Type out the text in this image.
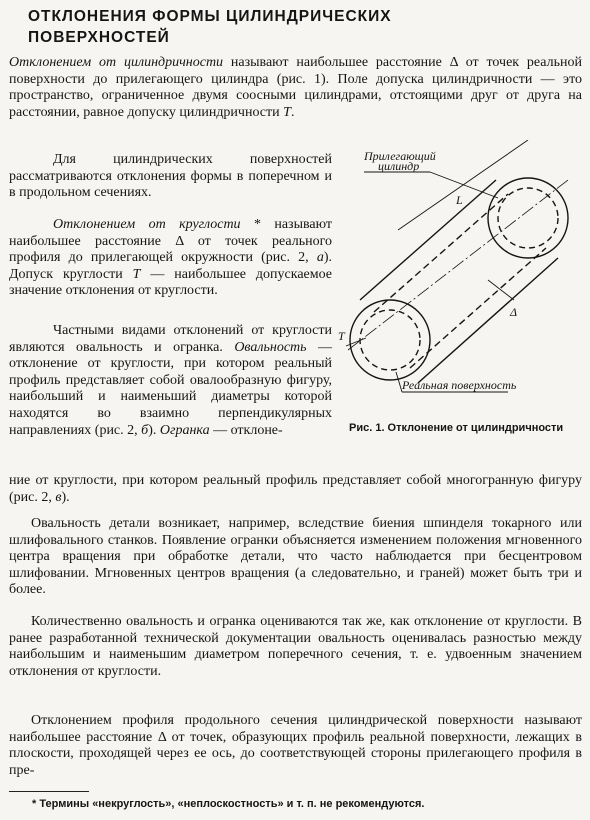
ОТКЛОНЕНИЯ ФОРМЫ ЦИЛИНДРИЧЕСКИХ ПОВЕРХНОСТЕЙ

Отклонением от цилиндричности называют наибольшее расстояние Δ от точек реальной поверхности до прилегающего цилиндра (рис. 1). Поле допуска цилиндричности — это пространство, ограниченное двумя соосными цилиндрами, отстоящими друг от друга на расстоянии, равное допуску цилиндричности Т.

Для цилиндрических поверхностей рассматриваются отклонения формы в поперечном и в продольном сечениях.

Отклонением от круглости * называют наибольшее расстояние Δ от точек реального профиля до прилегающей окружности (рис. 2, а). Допуск круглости Т — наибольшее допускаемое значение отклонения от круглости.

Частными видами отклонений от круглости являются овальность и огранка. Овальность — отклонение от круглости, при котором реальный профиль представляет собой овалообразную фигуру, наибольший и наименьший диаметры которой находятся во взаимно перпендикулярных направлениях (рис. 2, б). Огранка — отклоне-

ние от круглости, при котором реальный профиль представляет собой многогранную фигуру (рис. 2, в).

Овальность детали возникает, например, вследствие биения шпинделя токарного или шлифовального станков. Появление огранки объясняется изменением положения мгновенного центра вращения при обработке детали, что часто наблюдается при бесцентровом шлифовании. Мгновенных центров вращения (а следовательно, и граней) может быть три и более.

Количественно овальность и огранка оцениваются так же, как отклонение от круглости. В ранее разработанной технической документации овальность оценивалась разностью между наибольшим и наименьшим диаметром поперечного сечения, т. е. удвоенным значением отклонения от круглости.

Отклонением профиля продольного сечения цилиндрической поверхности называют наибольшее расстояние Δ от точек, образующих профиль реальной поверхности, лежащих в плоскости, проходящей через ее ось, до соответствующей стороны прилегающего профиля в пре-

Прилегающий
цилиндр
L
T
Δ
Реальная поверхность
Рис. 1. Отклонение от цилиндричности
* Термины «некруглость», «неплоскостность» и т. п. не рекомендуются.
